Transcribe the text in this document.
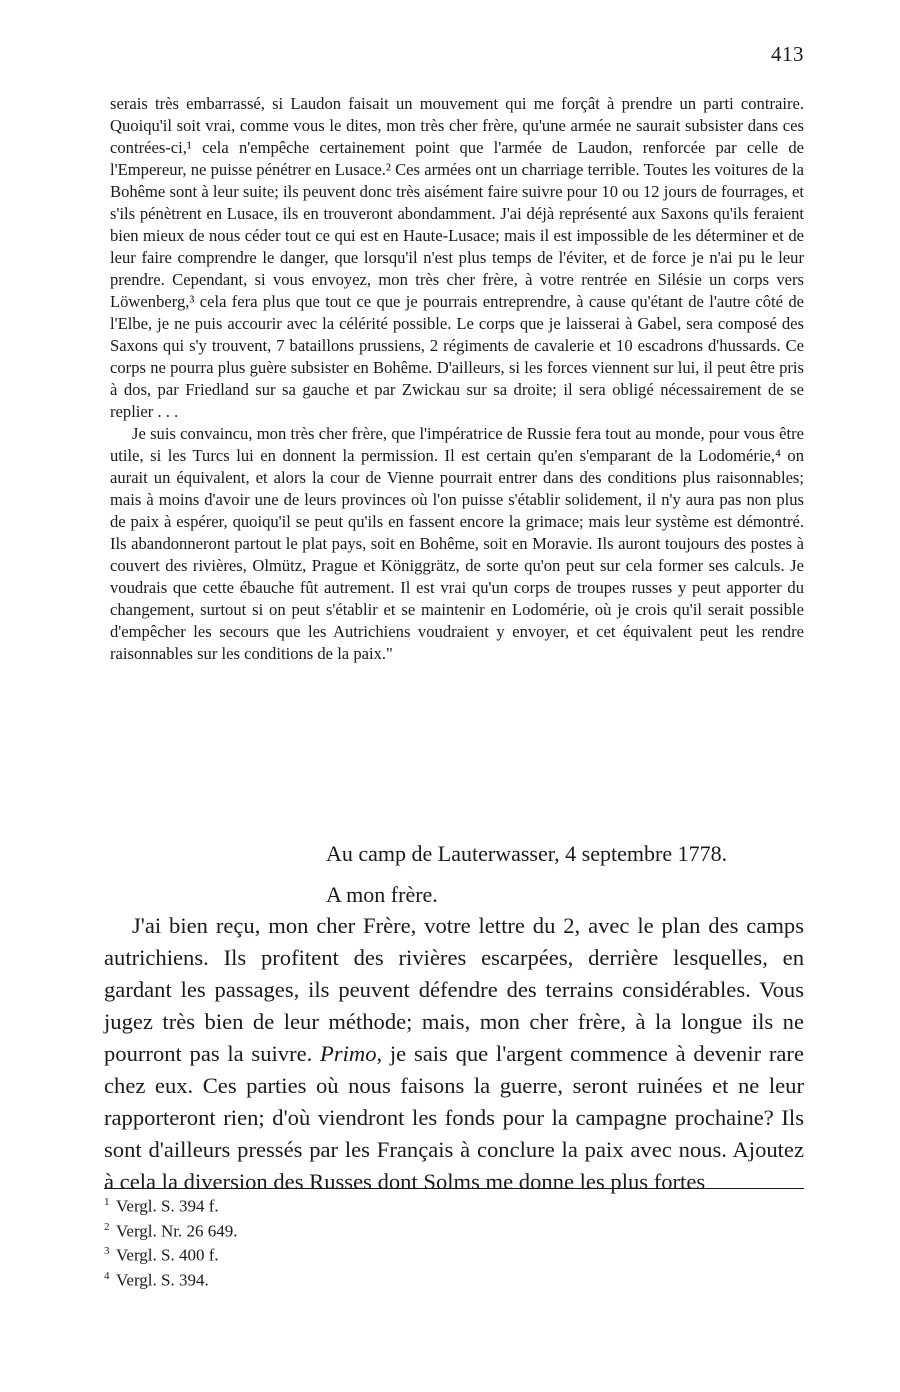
413

serais très embarrassé, si Laudon faisait un mouvement qui me forçât à prendre un parti contraire. Quoiqu'il soit vrai, comme vous le dites, mon très cher frère, qu'une armée ne saurait subsister dans ces contrées-ci,¹ cela n'empêche certainement point que l'armée de Laudon, renforcée par celle de l'Empereur, ne puisse pénétrer en Lusace.² Ces armées ont un charriage terrible. Toutes les voitures de la Bohême sont à leur suite; ils peuvent donc très aisément faire suivre pour 10 ou 12 jours de fourrages, et s'ils pénètrent en Lusace, ils en trouveront abondamment. J'ai déjà représenté aux Saxons qu'ils feraient bien mieux de nous céder tout ce qui est en Haute-Lusace; mais il est impossible de les déterminer et de leur faire comprendre le danger, que lorsqu'il n'est plus temps de l'éviter, et de force je n'ai pu le leur prendre. Cependant, si vous envoyez, mon très cher frère, à votre rentrée en Silésie un corps vers Löwenberg,³ cela fera plus que tout ce que je pourrais entreprendre, à cause qu'étant de l'autre côté de l'Elbe, je ne puis accourir avec la célérité possible. Le corps que je laisserai à Gabel, sera composé des Saxons qui s'y trouvent, 7 bataillons prussiens, 2 régiments de cavalerie et 10 escadrons d'hussards. Ce corps ne pourra plus guère subsister en Bohême. D'ailleurs, si les forces viennent sur lui, il peut être pris à dos, par Friedland sur sa gauche et par Zwickau sur sa droite; il sera obligé nécessairement de se replier . . .

Je suis convaincu, mon très cher frère, que l'impératrice de Russie fera tout au monde, pour vous être utile, si les Turcs lui en donnent la permission. Il est certain qu'en s'emparant de la Lodomérie,⁴ on aurait un équivalent, et alors la cour de Vienne pourrait entrer dans des conditions plus raisonnables; mais à moins d'avoir une de leurs provinces où l'on puisse s'établir solidement, il n'y aura pas non plus de paix à espérer, quoiqu'il se peut qu'ils en fassent encore la grimace; mais leur système est démontré. Ils abandonneront partout le plat pays, soit en Bohême, soit en Moravie. Ils auront toujours des postes à couvert des rivières, Olmütz, Prague et Königgrätz, de sorte qu'on peut sur cela former ses calculs. Je voudrais que cette ébauche fût autrement. Il est vrai qu'un corps de troupes russes y peut apporter du changement, surtout si on peut s'établir et se maintenir en Lodomérie, où je crois qu'il serait possible d'empêcher les secours que les Autrichiens voudraient y envoyer, et cet équivalent peut les rendre raisonnables sur les conditions de la paix."

Au camp de Lauterwasser, 4 septembre 1778.
A mon frère.

J'ai bien reçu, mon cher Frère, votre lettre du 2, avec le plan des camps autrichiens. Ils profitent des rivières escarpées, derrière lesquelles, en gardant les passages, ils peuvent défendre des terrains considérables. Vous jugez très bien de leur méthode; mais, mon cher frère, à la longue ils ne pourront pas la suivre. Primo, je sais que l'argent commence à devenir rare chez eux. Ces parties où nous faisons la guerre, seront ruinées et ne leur rapporteront rien; d'où viendront les fonds pour la campagne prochaine? Ils sont d'ailleurs pressés par les Français à conclure la paix avec nous. Ajoutez à cela la diversion des Russes dont Solms me donne les plus fortes

1 Vergl. S. 394 f.
2 Vergl. Nr. 26 649.
3 Vergl. S. 400 f.
4 Vergl. S. 394.
